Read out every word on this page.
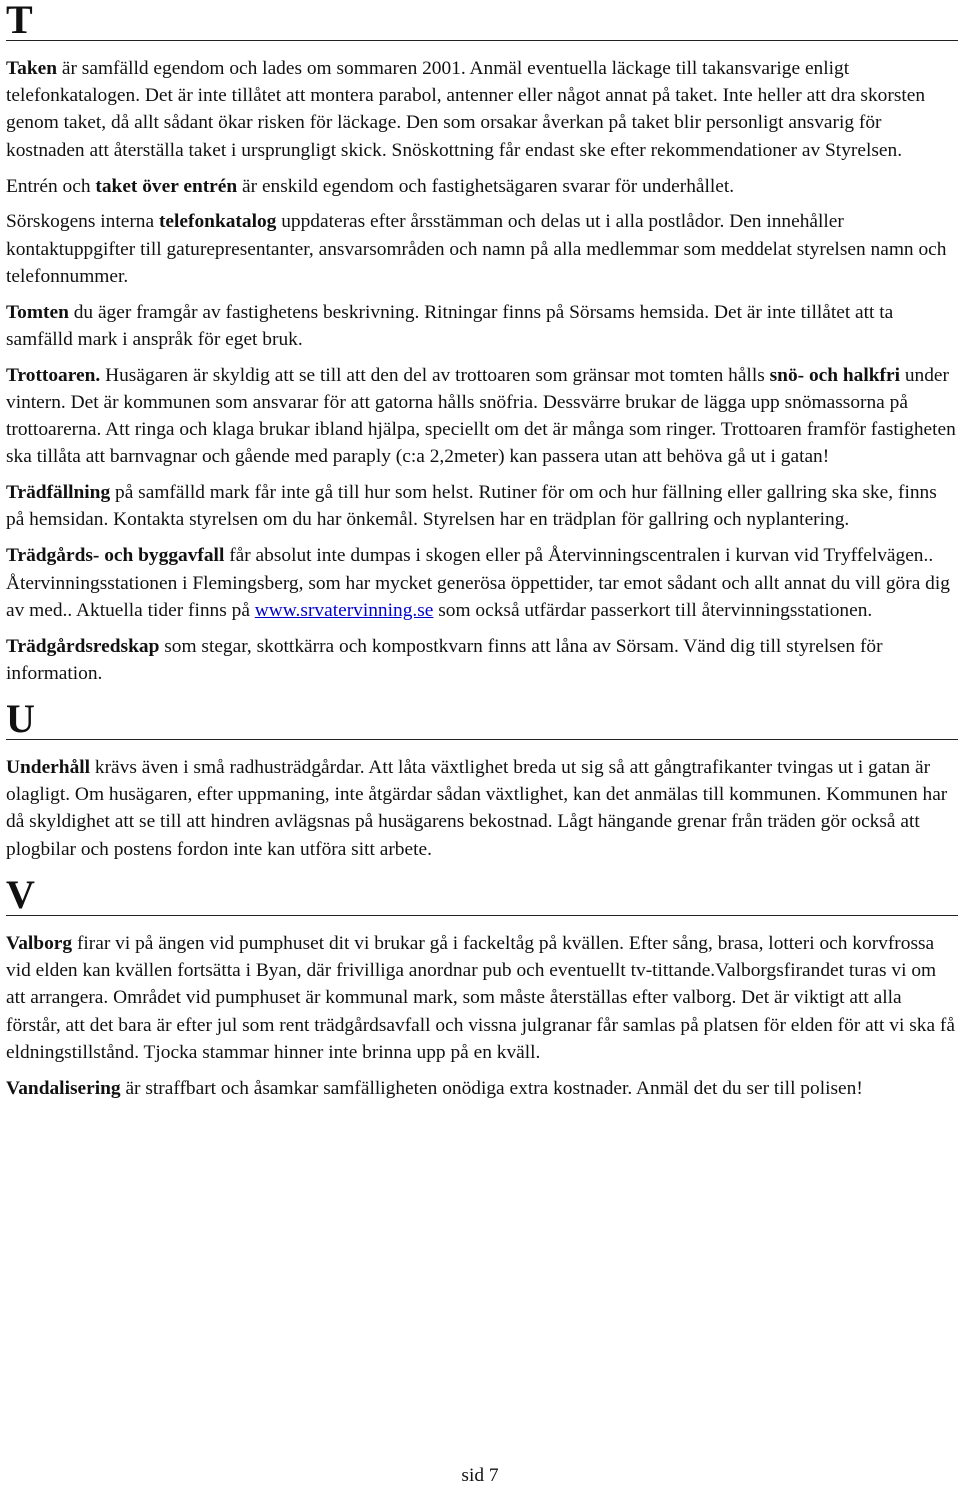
T

Taken är samfälld egendom och lades om sommaren 2001. Anmäl eventuella läckage till takansvarige enligt telefonkatalogen. Det är inte tillåtet att montera parabol, antenner eller något annat på taket. Inte heller att dra skorsten genom taket, då allt sådant ökar risken för läckage. Den som orsakar åverkan på taket blir personligt ansvarig för kostnaden att återställa taket i ursprungligt skick. Snöskottning får endast ske efter rekommendationer av Styrelsen.

Entrén och taket över entrén är enskild egendom och fastighetsägaren svarar för underhållet.

Sörskogens interna telefonkatalog uppdateras efter årsstämman och delas ut i alla postlådor. Den innehåller kontaktuppgifter till gaturepresentanter, ansvarsområden och namn på alla medlemmar som meddelat styrelsen namn och telefonnummer.

Tomten du äger framgår av fastighetens beskrivning. Ritningar finns på Sörsams hemsida. Det är inte tillåtet att ta samfälld mark i anspråk för eget bruk.

Trottoaren. Husägaren är skyldig att se till att den del av trottoaren som gränsar mot tomten hålls snö- och halkfri under vintern. Det är kommunen som ansvarar för att gatorna hålls snöfria. Dessvärre brukar de lägga upp snömassorna på trottoarerna. Att ringa och klaga brukar ibland hjälpa, speciellt om det är många som ringer. Trottoaren framför fastigheten ska tillåta att barnvagnar och gående med paraply (c:a 2,2meter) kan passera utan att behöva gå ut i gatan!

Trädfällning på samfälld mark får inte gå till hur som helst. Rutiner för om och hur fällning eller gallring ska ske, finns på hemsidan. Kontakta styrelsen om du har önkemål. Styrelsen har en trädplan för gallring och nyplantering.

Trädgårds- och byggavfall får absolut inte dumpas i skogen eller på Återvinningscentralen i kurvan vid Tryffelvägen.. Återvinningsstationen i Flemingsberg, som har mycket generösa öppettider, tar emot sådant och allt annat du vill göra dig av med.. Aktuella tider finns på www.srvatervinning.se som också utfärdar passerkort till återvinningsstationen.

Trädgårdsredskap som stegar, skottkärra och kompostkvarn finns att låna av Sörsam. Vänd dig till styrelsen för information.

U

Underhåll krävs även i små radhusträdgårdar. Att låta växtlighet breda ut sig så att gångtrafikanter tvingas ut i gatan är olagligt. Om husägaren, efter uppmaning, inte åtgärdar sådan växtlighet, kan det anmälas till kommunen. Kommunen har då skyldighet att se till att hindren avlägsnas på husägarens bekostnad. Lågt hängande grenar från träden gör också att plogbilar och postens fordon inte kan utföra sitt arbete.

V

Valborg firar vi på ängen vid pumphuset dit vi brukar gå i fackeltåg på kvällen. Efter sång, brasa, lotteri och korvfrossa vid elden kan kvällen fortsätta i Byan, där frivilliga anordnar pub och eventuellt tv-tittande.Valborgsfirandet turas vi om att arrangera. Området vid pumphuset är kommunal mark, som måste återställas efter valborg. Det är viktigt att alla förstår, att det bara är efter jul som rent trädgårdsavfall och vissna julgranar får samlas på platsen för elden för att vi ska få eldningstillstånd. Tjocka stammar hinner inte brinna upp på en kväll.

Vandalisering är straffbart och åsamkar samfälligheten onödiga extra kostnader. Anmäl det du ser till polisen!

sid 7
